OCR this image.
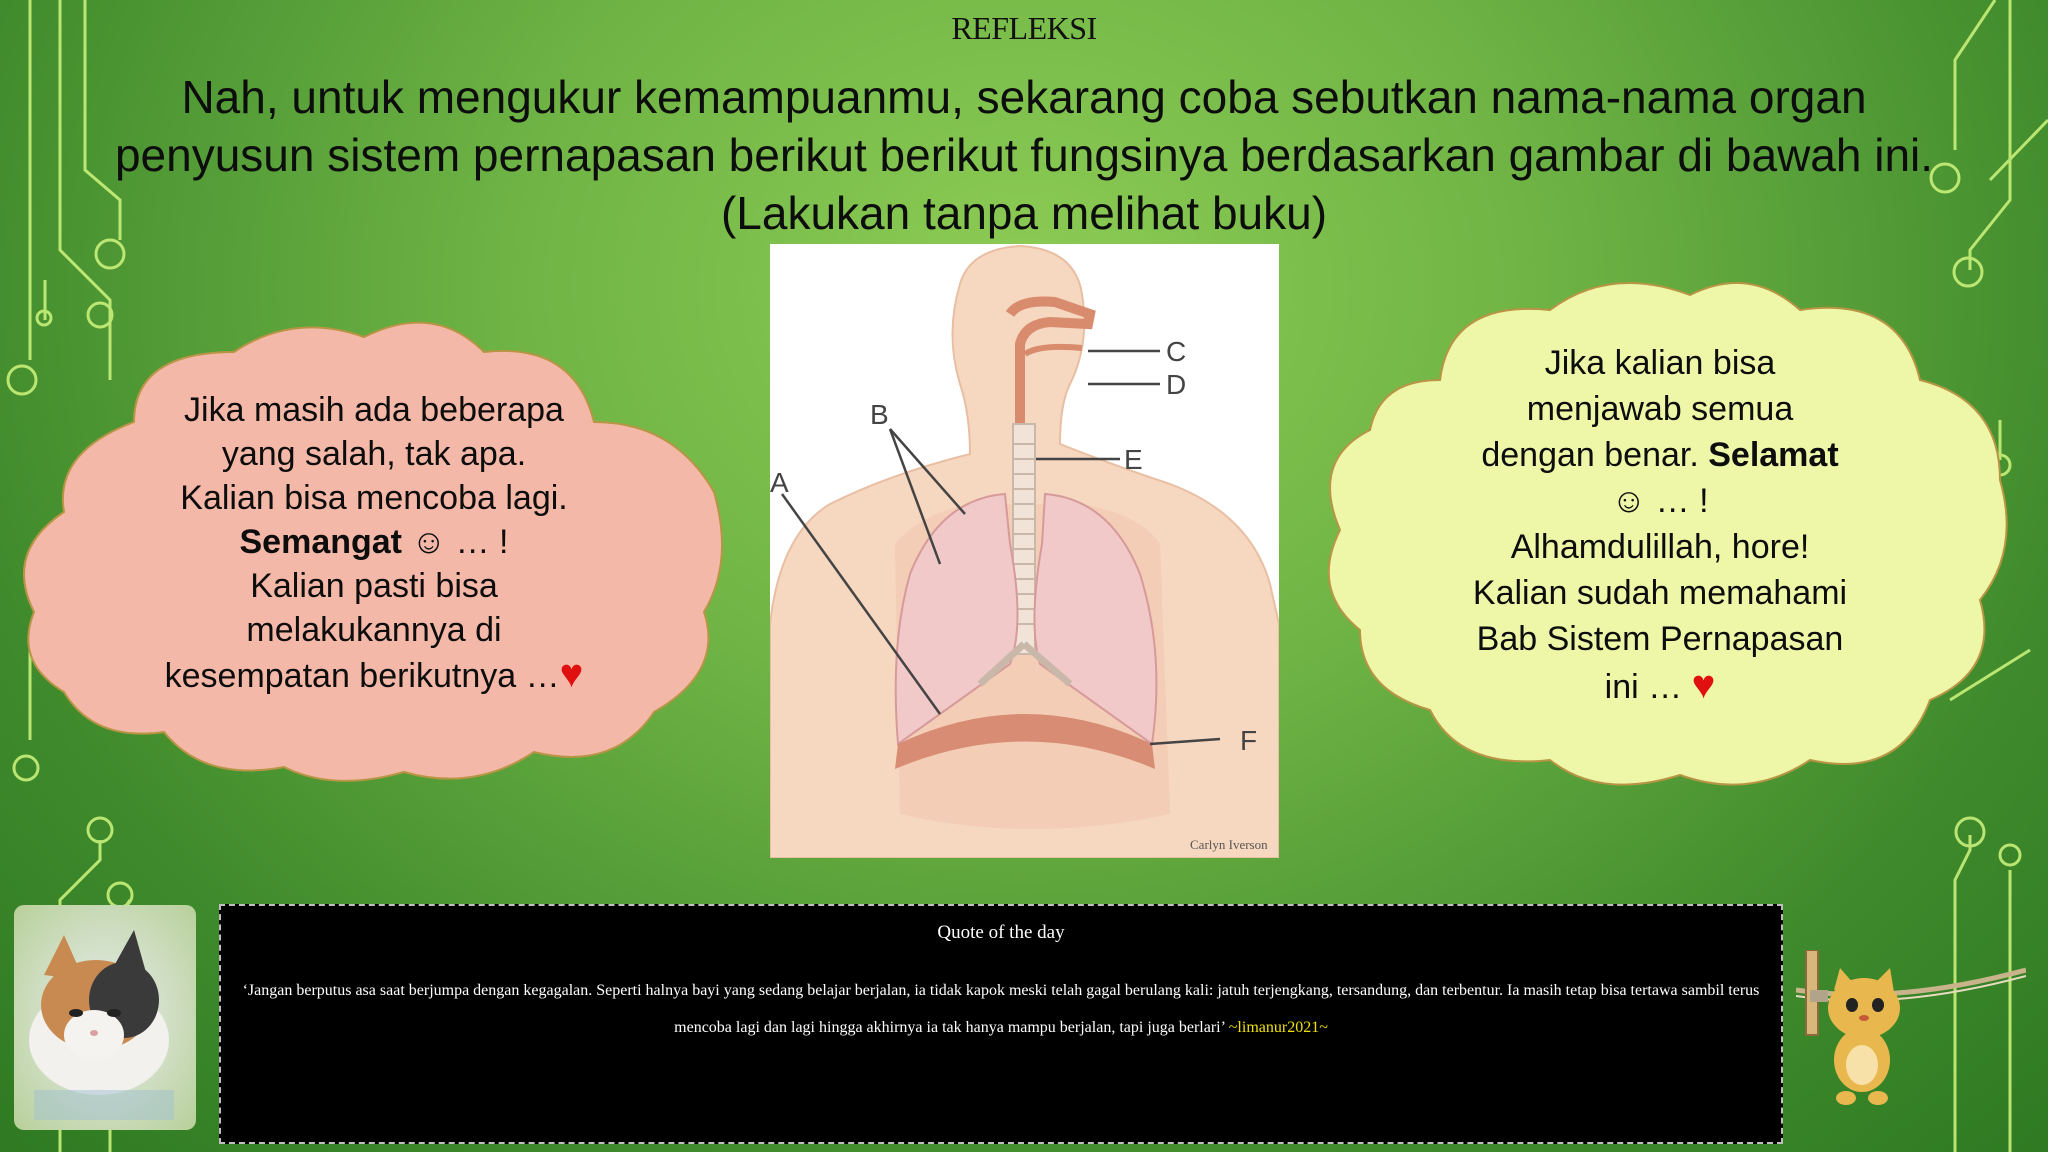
REFLEKSI
Nah, untuk mengukur kemampuanmu, sekarang coba sebutkan nama-nama organ
penyusun sistem pernapasan berikut berikut fungsinya berdasarkan gambar di bawah ini.
(Lakukan tanpa melihat buku)
A
B
C
D
E
F
Carlyn Iverson
Jika masih ada beberapa
yang salah, tak apa.
Kalian bisa mencoba lagi.
Semangat ☺ … !
Kalian pasti bisa
melakukannya di
kesempatan berikutnya …♥
Jika kalian bisa
menjawab semua
dengan benar. Selamat
☺ … !
Alhamdulillah, hore!
Kalian sudah memahami
Bab Sistem Pernapasan
ini … ♥
Quote of the day
‘Jangan berputus asa saat berjumpa dengan kegagalan. Seperti halnya bayi yang sedang belajar berjalan, ia tidak kapok meski telah gagal berulang kali: jatuh terjengkang, tersandung, dan terbentur. Ia masih tetap bisa tertawa sambil terus mencoba lagi dan lagi hingga akhirnya ia tak hanya mampu berjalan, tapi juga berlari’ ~limanur2021~
